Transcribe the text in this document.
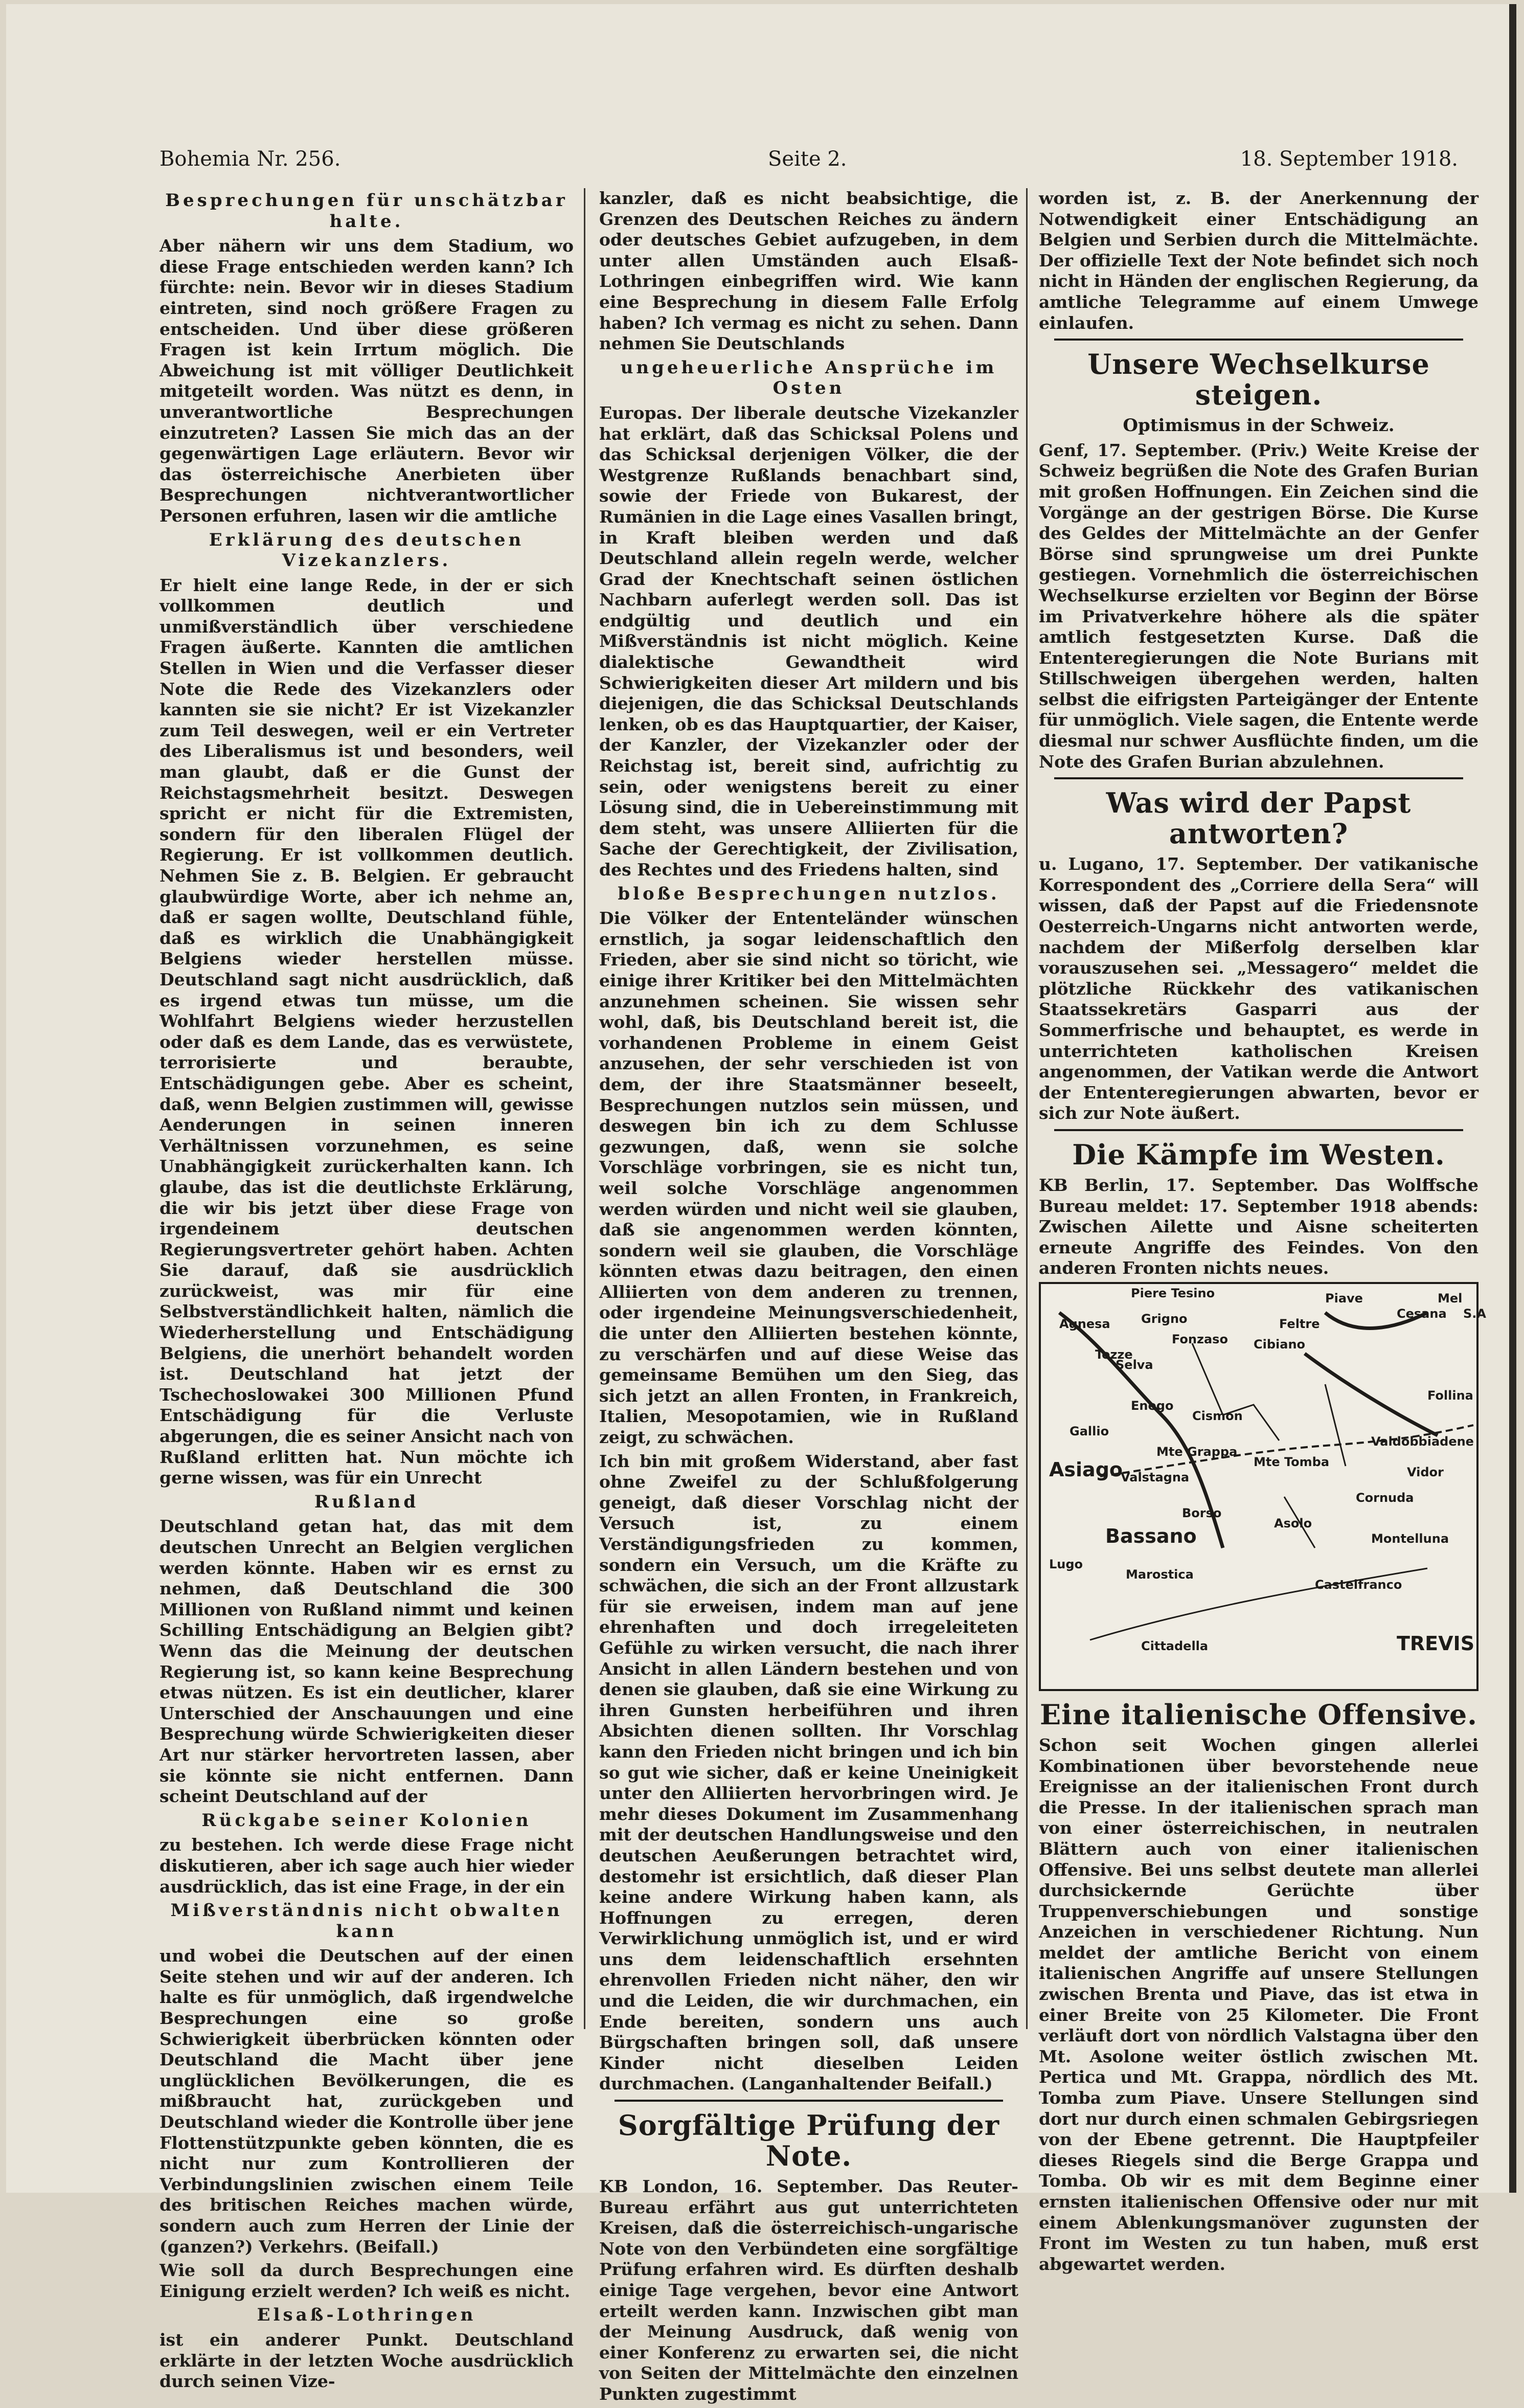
Bohemia Nr. 256.	Seite 2.	18. September 1918.
Besprechungen für unschätzbar halte.

Aber nähern wir uns dem Stadium, wo diese Frage entschieden werden kann? Ich fürchte: nein. Bevor wir in dieses Stadium eintreten, sind noch größere Fragen zu entscheiden. Und über diese größeren Fragen ist kein Irrtum möglich. Die Abweichung ist mit völliger Deutlichkeit mitgeteilt worden. Was nützt es denn, in unverantwortliche Besprechungen einzutreten? Lassen Sie mich das an der gegenwärtigen Lage erläutern. Bevor wir das österreichische Anerbieten über Besprechungen nichtverantwortlicher Personen erfuhren, lasen wir die amtliche

Erklärung des deutschen Vizekanzlers.

Er hielt eine lange Rede, in der er sich vollkommen deutlich und unmißverständlich über verschiedene Fragen äußerte. Kannten die amtlichen Stellen in Wien und die Verfasser dieser Note die Rede des Vizekanzlers oder kannten sie sie nicht? Er ist Vizekanzler zum Teil deswegen, weil er ein Vertreter des Liberalismus ist und besonders, weil man glaubt, daß er die Gunst der Reichstagsmehrheit besitzt. Deswegen spricht er nicht für die Extremisten, sondern für den liberalen Flügel der Regierung. Er ist vollkommen deutlich. Nehmen Sie z. B. Belgien. Er gebraucht glaubwürdige Worte, aber ich nehme an, daß er sagen wollte, Deutschland fühle, daß es wirklich die Unabhängigkeit Belgiens wieder herstellen müsse. Deutschland sagt nicht ausdrücklich, daß es irgend etwas tun müsse, um die Wohlfahrt Belgiens wieder herzustellen oder daß es dem Lande, das es verwüstete, terrorisierte und beraubte, Entschädigungen gebe. Aber es scheint, daß, wenn Belgien zustimmen will, gewisse Aenderungen in seinen inneren Verhältnissen vorzunehmen, es seine Unabhängigkeit zurückerhalten kann. Ich glaube, das ist die deutlichste Erklärung, die wir bis jetzt über diese Frage von irgendeinem deutschen Regierungsvertreter gehört haben. Achten Sie darauf, daß sie ausdrücklich zurückweist, was mir für eine Selbstverständlichkeit halten, nämlich die Wiederherstellung und Entschädigung Belgiens, die unerhört behandelt worden ist. Deutschland hat jetzt der Tschechoslowakei 300 Millionen Pfund Entschädigung für die Verluste abgerungen, die es seiner Ansicht nach von Rußland erlitten hat. Nun möchte ich gerne wissen, was für ein Unrecht

Rußland

Deutschland getan hat, das mit dem deutschen Unrecht an Belgien verglichen werden könnte. Haben wir es ernst zu nehmen, daß Deutschland die 300 Millionen von Rußland nimmt und keinen Schilling Entschädigung an Belgien gibt? Wenn das die Meinung der deutschen Regierung ist, so kann keine Besprechung etwas nützen. Es ist ein deutlicher, klarer Unterschied der Anschauungen und eine Besprechung würde Schwierigkeiten dieser Art nur stärker hervortreten lassen, aber sie könnte sie nicht entfernen. Dann scheint Deutschland auf der

Rückgabe seiner Kolonien

zu bestehen. Ich werde diese Frage nicht diskutieren, aber ich sage auch hier wieder ausdrücklich, das ist eine Frage, in der ein

Mißverständnis nicht obwalten kann

und wobei die Deutschen auf der einen Seite stehen und wir auf der anderen. Ich halte es für unmöglich, daß irgendwelche Besprechungen eine so große Schwierigkeit überbrücken könnten oder Deutschland die Macht über jene unglücklichen Bevölkerungen, die es mißbraucht hat, zurückgeben und Deutschland wieder die Kontrolle über jene Flottenstützpunkte geben könnten, die es nicht nur zum Kontrollieren der Verbindungslinien zwischen einem Teile des britischen Reiches machen würde, sondern auch zum Herren der Linie der (ganzen?) Verkehrs. (Beifall.)

Wie soll da durch Besprechungen eine Einigung erzielt werden? Ich weiß es nicht.

Elsaß-Lothringen

ist ein anderer Punkt. Deutschland erklärte in der letzten Woche ausdrücklich durch seinen Vize-

kanzler, daß es nicht beabsichtige, die Grenzen des Deutschen Reiches zu ändern oder deutsches Gebiet aufzugeben, in dem unter allen Umständen auch Elsaß-Lothringen einbegriffen wird. Wie kann eine Besprechung in diesem Falle Erfolg haben? Ich vermag es nicht zu sehen. Dann nehmen Sie Deutschlands

ungeheuerliche Ansprüche im Osten

Europas. Der liberale deutsche Vizekanzler hat erklärt, daß das Schicksal Polens und das Schicksal derjenigen Völker, die der Westgrenze Rußlands benachbart sind, sowie der Friede von Bukarest, der Rumänien in die Lage eines Vasallen bringt, in Kraft bleiben werden und daß Deutschland allein regeln werde, welcher Grad der Knechtschaft seinen östlichen Nachbarn auferlegt werden soll. Das ist endgültig und deutlich und ein Mißverständnis ist nicht möglich. Keine dialektische Gewandtheit wird Schwierigkeiten dieser Art mildern und bis diejenigen, die das Schicksal Deutschlands lenken, ob es das Hauptquartier, der Kaiser, der Kanzler, der Vizekanzler oder der Reichstag ist, bereit sind, aufrichtig zu sein, oder wenigstens bereit zu einer Lösung sind, die in Uebereinstimmung mit dem steht, was unsere Alliierten für die Sache der Gerechtigkeit, der Zivilisation, des Rechtes und des Friedens halten, sind

bloße Besprechungen nutzlos.

Die Völker der Ententeländer wünschen ernstlich, ja sogar leidenschaftlich den Frieden, aber sie sind nicht so töricht, wie einige ihrer Kritiker bei den Mittelmächten anzunehmen scheinen. Sie wissen sehr wohl, daß, bis Deutschland bereit ist, die vorhandenen Probleme in einem Geist anzusehen, der sehr verschieden ist von dem, der ihre Staatsmänner beseelt, Besprechungen nutzlos sein müssen, und deswegen bin ich zu dem Schlusse gezwungen, daß, wenn sie solche Vorschläge vorbringen, sie es nicht tun, weil solche Vorschläge angenommen werden würden und nicht weil sie glauben, daß sie angenommen werden könnten, sondern weil sie glauben, die Vorschläge könnten etwas dazu beitragen, den einen Alliierten von dem anderen zu trennen, oder irgendeine Meinungsverschiedenheit, die unter den Alliierten bestehen könnte, zu verschärfen und auf diese Weise das gemeinsame Bemühen um den Sieg, das sich jetzt an allen Fronten, in Frankreich, Italien, Mesopotamien, wie in Rußland zeigt, zu schwächen.

Ich bin mit großem Widerstand, aber fast ohne Zweifel zu der Schlußfolgerung geneigt, daß dieser Vorschlag nicht der Versuch ist, zu einem Verständigungsfrieden zu kommen, sondern ein Versuch, um die Kräfte zu schwächen, die sich an der Front allzustark für sie erweisen, indem man auf jene ehrenhaften und doch irregeleiteten Gefühle zu wirken versucht, die nach ihrer Ansicht in allen Ländern bestehen und von denen sie glauben, daß sie eine Wirkung zu ihren Gunsten herbeiführen und ihren Absichten dienen sollten. Ihr Vorschlag kann den Frieden nicht bringen und ich bin so gut wie sicher, daß er keine Uneinigkeit unter den Alliierten hervorbringen wird. Je mehr dieses Dokument im Zusammenhang mit der deutschen Handlungsweise und den deutschen Aeußerungen betrachtet wird, destomehr ist ersichtlich, daß dieser Plan keine andere Wirkung haben kann, als Hoffnungen zu erregen, deren Verwirklichung unmöglich ist, und er wird uns dem leidenschaftlich ersehnten ehrenvollen Frieden nicht näher, den wir und die Leiden, die wir durchmachen, ein Ende bereiten, sondern uns auch Bürgschaften bringen soll, daß unsere Kinder nicht dieselben Leiden durchmachen. (Langanhaltender Beifall.)

Sorgfältige Prüfung der Note.

KB London, 16. September. Das Reuter-Bureau erfährt aus gut unterrichteten Kreisen, daß die österreichisch-ungarische Note von den Verbündeten eine sorgfältige Prüfung erfahren wird. Es dürften deshalb einige Tage vergehen, bevor eine Antwort erteilt werden kann. Inzwischen gibt man der Meinung Ausdruck, daß wenig von einer Konferenz zu erwarten sei, die nicht von Seiten der Mittelmächte den einzelnen Punkten zugestimmt

worden ist, z. B. der Anerkennung der Notwendigkeit einer Entschädigung an Belgien und Serbien durch die Mittelmächte. Der offizielle Text der Note befindet sich noch nicht in Händen der englischen Regierung, da amtliche Telegramme auf einem Umwege einlaufen.

Unsere Wechselkurse steigen.
Optimismus in der Schweiz.

Genf, 17. September. (Priv.) Weite Kreise der Schweiz begrüßen die Note des Grafen Burian mit großen Hoffnungen. Ein Zeichen sind die Vorgänge an der gestrigen Börse. Die Kurse des Geldes der Mittelmächte an der Genfer Börse sind sprungweise um drei Punkte gestiegen. Vornehmlich die österreichischen Wechselkurse erzielten vor Beginn der Börse im Privatverkehre höhere als die später amtlich festgesetzten Kurse. Daß die Ententeregierungen die Note Burians mit Stillschweigen übergehen werden, halten selbst die eifrigsten Parteigänger der Entente für unmöglich. Viele sagen, die Entente werde diesmal nur schwer Ausflüchte finden, um die Note des Grafen Burian abzulehnen.

Was wird der Papst antworten?

u. Lugano, 17. September. Der vatikanische Korrespondent des „Corriere della Sera“ will wissen, daß der Papst auf die Friedensnote Oesterreich-Ungarns nicht antworten werde, nachdem der Mißerfolg derselben klar vorauszusehen sei. „Messagero“ meldet die plötzliche Rückkehr des vatikanischen Staatssekretärs Gasparri aus der Sommerfrische und behauptet, es werde in unterrichteten katholischen Kreisen angenommen, der Vatikan werde die Antwort der Ententeregierungen abwarten, bevor er sich zur Note äußert.

Die Kämpfe im Westen.

KB Berlin, 17. September. Das Wolffsche Bureau meldet: 17. September 1918 abends: Zwischen Ailette und Aisne scheiterten erneute Angriffe des Feindes. Von den anderen Fronten nichts neues.

Piave
Feltre
Cesana
Mel
S.A
Grigno
Fonzaso Cibiano
Selva
Tezze
Enego
Gallio
Cismon
Mte Grappa
Asiago
Valstagna
Mte Tomba
Valdobbiadene
Cornuda
Borso
Asolo
Montelluna
Bassano
Lugo
Marostica
Castelfranco
Cittadella	TREVIS
Follina
Vidor
Piere Tesino
Agnesa
Eine italienische Offensive.

Schon seit Wochen gingen allerlei Kombinationen über bevorstehende neue Ereignisse an der italienischen Front durch die Presse. In der italienischen sprach man von einer österreichischen, in neutralen Blättern auch von einer italienischen Offensive. Bei uns selbst deutete man allerlei durchsickernde Gerüchte über Truppenverschiebungen und sonstige Anzeichen in verschiedener Richtung. Nun meldet der amtliche Bericht von einem italienischen Angriffe auf unsere Stellungen zwischen Brenta und Piave, das ist etwa in einer Breite von 25 Kilometer. Die Front verläuft dort von nördlich Valstagna über den Mt. Asolone weiter östlich zwischen Mt. Pertica und Mt. Grappa, nördlich des Mt. Tomba zum Piave. Unsere Stellungen sind dort nur durch einen schmalen Gebirgsriegen von der Ebene getrennt. Die Hauptpfeiler dieses Riegels sind die Berge Grappa und Tomba. Ob wir es mit dem Beginne einer ernsten italienischen Offensive oder nur mit einem Ablenkungsmanöver zugunsten der Front im Westen zu tun haben, muß erst abgewartet werden.
